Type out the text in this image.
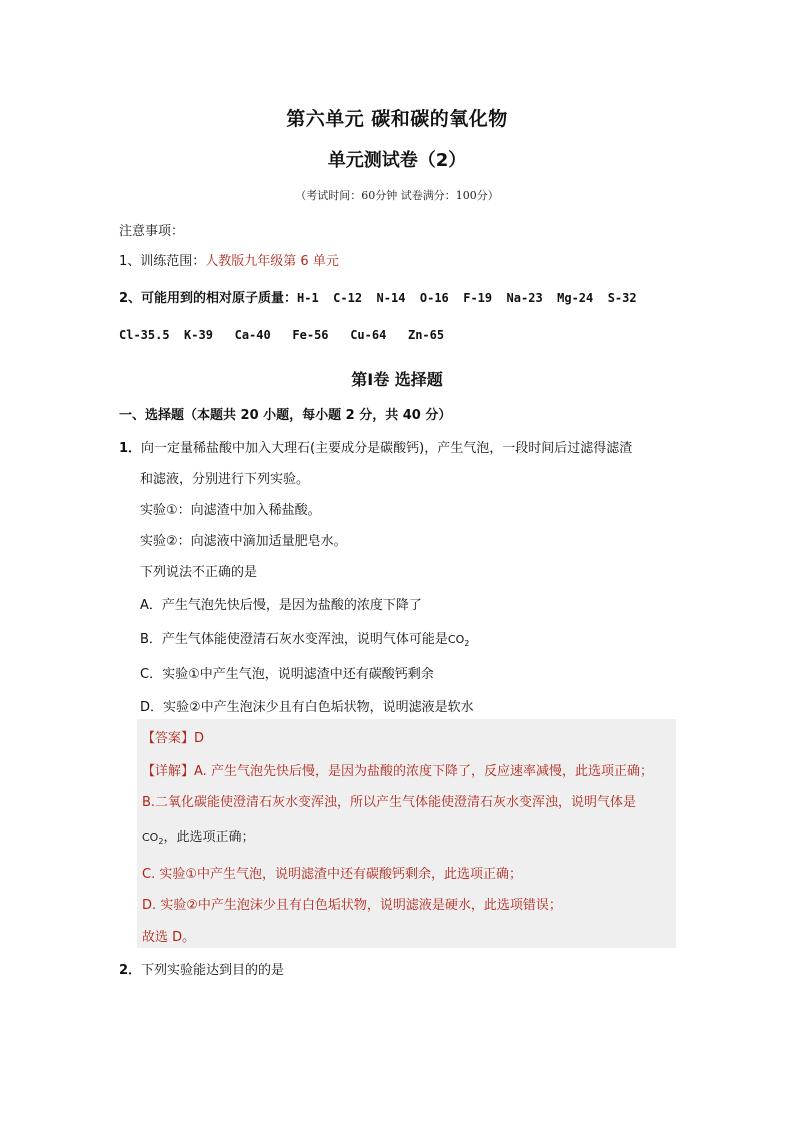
第六单元 碳和碳的氧化物
单元测试卷（2）
（考试时间：60分钟 试卷满分：100分）
注意事项：
1、训练范围：人教版九年级第 6 单元
2、可能用到的相对原子质量：H-1  C-12  N-14  O-16  F-19  Na-23  Mg-24  S-32
Cl-35.5  K-39   Ca-40   Fe-56   Cu-64   Zn-65
第Ⅰ卷 选择题
一、选择题（本题共 20 小题，每小题 2 分，共 40 分）
1．向一定量稀盐酸中加入大理石(主要成分是碳酸钙)，产生气泡，一段时间后过滤得滤渣
和滤液，分别进行下列实验。
实验①：向滤渣中加入稀盐酸。
实验②：向滤液中滴加适量肥皂水。
下列说法不正确的是
A．产生气泡先快后慢，是因为盐酸的浓度下降了
B．产生气体能使澄清石灰水变浑浊，说明气体可能是$CO_2$
C．实验①中产生气泡，说明滤渣中还有碳酸钙剩余
D．实验②中产生泡沫少且有白色垢状物，说明滤液是软水
【答案】D
【详解】A. 产生气泡先快后慢，是因为盐酸的浓度下降了，反应速率减慢，此选项正确；
B.二氧化碳能使澄清石灰水变浑浊，所以产生气体能使澄清石灰水变浑浊，说明气体是
$CO_2$，此选项正确；
C. 实验①中产生气泡，说明滤渣中还有碳酸钙剩余，此选项正确；
D. 实验②中产生泡沫少且有白色垢状物，说明滤液是硬水，此选项错误；
故选 D。
2．下列实验能达到目的的是
